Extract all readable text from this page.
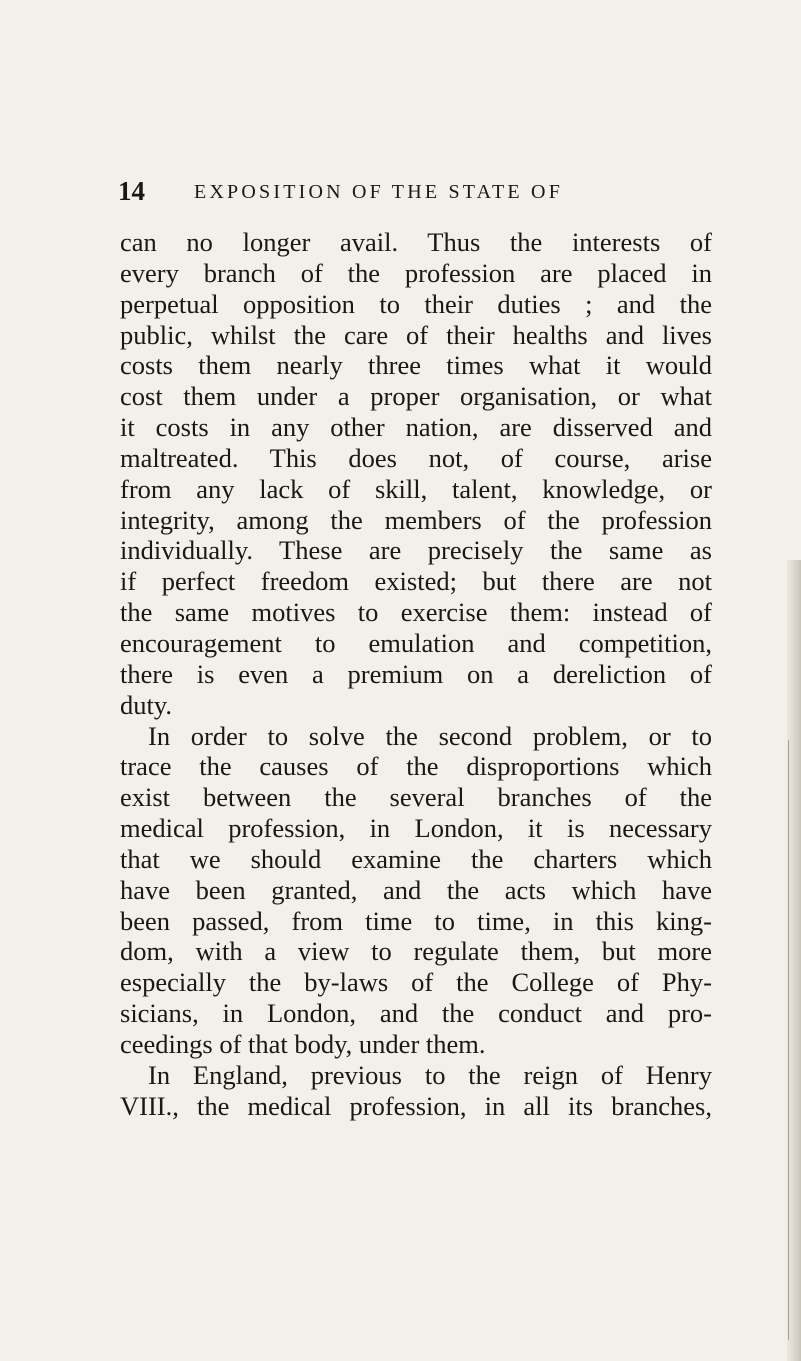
14 EXPOSITION OF THE STATE OF
can no longer avail. Thus the interests of
every branch of the profession are placed in
perpetual opposition to their duties ; and the
public, whilst the care of their healths and lives
costs them nearly three times what it would
cost them under a proper organisation, or what
it costs in any other nation, are disserved and
maltreated. This does not, of course, arise
from any lack of skill, talent, knowledge, or
integrity, among the members of the profession
individually. These are precisely the same as
if perfect freedom existed; but there are not
the same motives to exercise them: instead of
encouragement to emulation and competition,
there is even a premium on a dereliction of
duty.
In order to solve the second problem, or to
trace the causes of the disproportions which
exist between the several branches of the
medical profession, in London, it is necessary
that we should examine the charters which
have been granted, and the acts which have
been passed, from time to time, in this king-
dom, with a view to regulate them, but more
especially the by-laws of the College of Phy-
sicians, in London, and the conduct and pro-
ceedings of that body, under them.
In England, previous to the reign of Henry
VIII., the medical profession, in all its branches,
